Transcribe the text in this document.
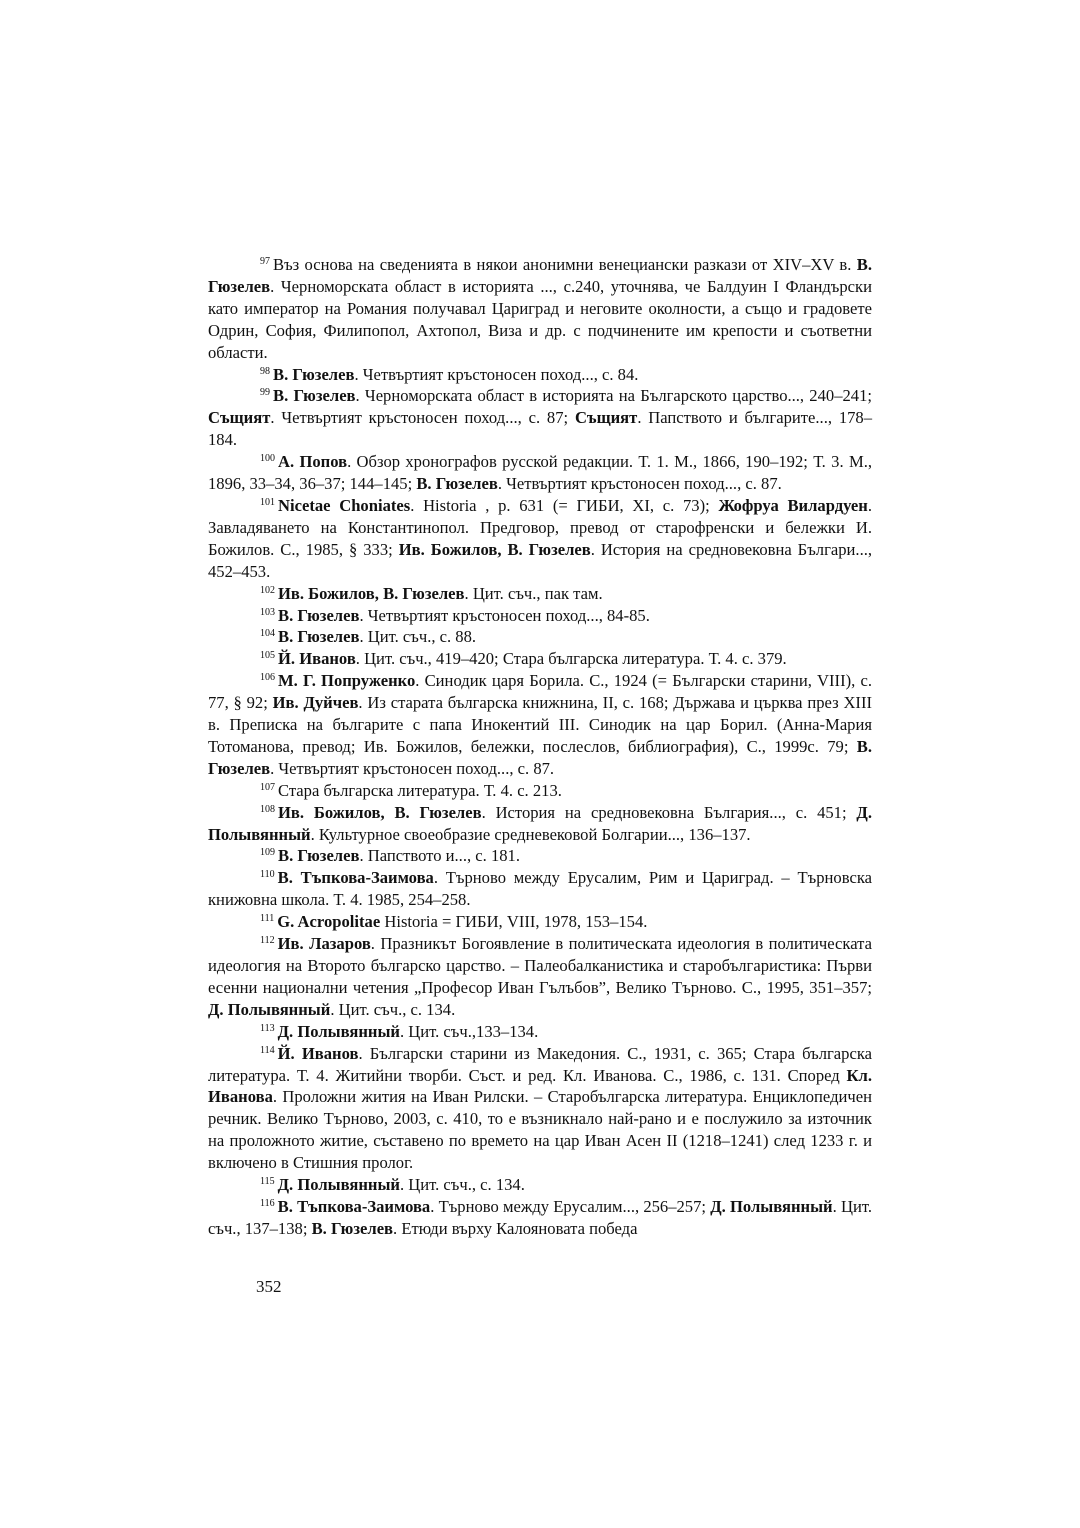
$^{97}$ Въз основа на сведенията в някои анонимни венециански разкази от XIV–XV в. В. Гюзелев. Черноморската област в историята ..., с.240, уточнява, че Балдуин I Фландърски като император на Романия получавал Цариград и неговите околности, а също и градовете Одрин, София, Филипопол, Ахтопол, Виза и др. с подчинените им крепости и съответни области.

$^{98}$ В. Гюзелев. Четвъртият кръстоносен поход..., с. 84.

$^{99}$ В. Гюзелев. Черноморската област в историята на Българското царство..., 240–241; Същият. Четвъртият кръстоносен поход..., с. 87; Същият. Папството и българите..., 178–184.

$^{100}$ А. Попов. Обзор хронографов русской редакции. Т. 1. М., 1866, 190–192; Т. 3. М., 1896, 33–34, 36–37; 144–145; В. Гюзелев. Четвъртият кръстоносен поход..., с. 87.

$^{101}$ Nicetae Choniates. Historia , p. 631 (= ГИБИ, XI, с. 73); Жофруа Вилардуен. Завладяването на Константинопол. Предговор, превод от старофренски и бележки И. Божилов. С., 1985, § 333; Ив. Божилов, В. Гюзелев. История на средновековна Българи..., 452–453.

$^{102}$ Ив. Божилов, В. Гюзелев. Цит. съч., пак там.

$^{103}$ В. Гюзелев. Четвъртият кръстоносен поход..., 84-85.

$^{104}$ В. Гюзелев. Цит. съч., с. 88.

$^{105}$ Й. Иванов. Цит. съч., 419–420; Стара българска литература. Т. 4. с. 379.

$^{106}$ М. Г. Попруженко. Синодик царя Борила. С., 1924 (= Български старини, VIII), с. 77, § 92; Ив. Дуйчев. Из старата българска книжнина, II, с. 168; Държава и църква през XIII в. Преписка на българите с папа Инокентий III. Синодик на цар Борил. (Анна-Мария Тотоманова, превод; Ив. Божилов, бележки, послеслов, библиография), С., 1999с. 79; В. Гюзелев. Четвъртият кръстоносен поход..., с. 87.

$^{107}$ Стара българска литература. Т. 4. с. 213.

$^{108}$ Ив. Божилов, В. Гюзелев. История на средновековна България..., с. 451; Д. Полывянный. Культурное своеобразие средневековой Болгарии..., 136–137.

$^{109}$ В. Гюзелев. Папството и..., с. 181.

$^{110}$ В. Тъпкова-Заимова. Търново между Ерусалим, Рим и Цариград. – Търновска книжовна школа. Т. 4. 1985, 254–258.

$^{111}$ G. Acropolitae Historia = ГИБИ, VIII, 1978, 153–154.

$^{112}$ Ив. Лазаров. Празникът Богоявление в политическата идеология в политическата идеология на Второто българско царство. – Палеобалканистика и старобългаристика: Първи есенни национални четения „Професор Иван Гълъбов”, Велико Търново. С., 1995, 351–357; Д. Полывянный. Цит. съч., с. 134.

$^{113}$ Д. Полывянный. Цит. съч.,133–134.

$^{114}$ Й. Иванов. Български старини из Македония. С., 1931, с. 365; Стара българска литература. Т. 4. Житийни творби. Съст. и ред. Кл. Иванова. С., 1986, с. 131. Според Кл. Иванова. Проложни жития на Иван Рилски. – Старобългарска литература. Енциклопедичен речник. Велико Търново, 2003, с. 410, то е възникнало най-рано и е послужило за източник на проложното житие, съставено по времето на цар Иван Асен II (1218–1241) след 1233 г. и включено в Стишния пролог.

$^{115}$ Д. Полывянный. Цит. съч., с. 134.

$^{116}$ В. Тъпкова-Заимова. Търново между Ерусалим..., 256–257; Д. Полывянный. Цит. съч., 137–138; В. Гюзелев. Етюди върху Калояновата победа

352
